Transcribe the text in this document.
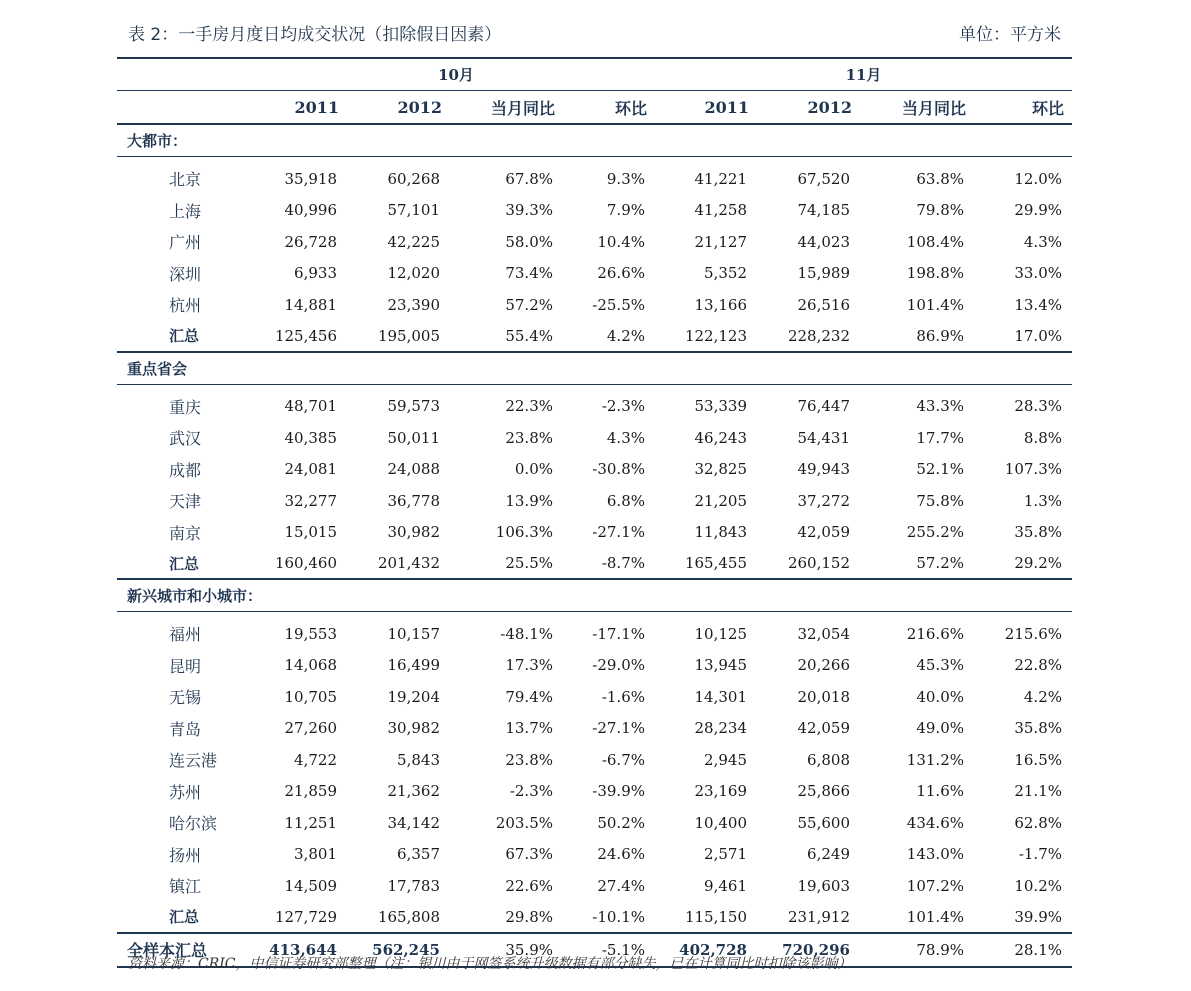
表 2：一手房月度日均成交状况（扣除假日因素）	单位：平方米
	10月				11月			
	2011	2012	当月同比	环比	2011	2012	当月同比	环比
大都市：								
北京	35,918	60,268	67.8%	9.3%	41,221	67,520	63.8%	12.0%
上海	40,996	57,101	39.3%	7.9%	41,258	74,185	79.8%	29.9%
广州	26,728	42,225	58.0%	10.4%	21,127	44,023	108.4%	4.3%
深圳	6,933	12,020	73.4%	26.6%	5,352	15,989	198.8%	33.0%
杭州	14,881	23,390	57.2%	-25.5%	13,166	26,516	101.4%	13.4%
汇总	125,456	195,005	55.4%	4.2%	122,123	228,232	86.9%	17.0%
重点省会								
重庆	48,701	59,573	22.3%	-2.3%	53,339	76,447	43.3%	28.3%
武汉	40,385	50,011	23.8%	4.3%	46,243	54,431	17.7%	8.8%
成都	24,081	24,088	0.0%	-30.8%	32,825	49,943	52.1%	107.3%
天津	32,277	36,778	13.9%	6.8%	21,205	37,272	75.8%	1.3%
南京	15,015	30,982	106.3%	-27.1%	11,843	42,059	255.2%	35.8%
汇总	160,460	201,432	25.5%	-8.7%	165,455	260,152	57.2%	29.2%
新兴城市和小城市：								
福州	19,553	10,157	-48.1%	-17.1%	10,125	32,054	216.6%	215.6%
昆明	14,068	16,499	17.3%	-29.0%	13,945	20,266	45.3%	22.8%
无锡	10,705	19,204	79.4%	-1.6%	14,301	20,018	40.0%	4.2%
青岛	27,260	30,982	13.7%	-27.1%	28,234	42,059	49.0%	35.8%
连云港	4,722	5,843	23.8%	-6.7%	2,945	6,808	131.2%	16.5%
苏州	21,859	21,362	-2.3%	-39.9%	23,169	25,866	11.6%	21.1%
哈尔滨	11,251	34,142	203.5%	50.2%	10,400	55,600	434.6%	62.8%
扬州	3,801	6,357	67.3%	24.6%	2,571	6,249	143.0%	-1.7%
镇江	14,509	17,783	22.6%	27.4%	9,461	19,603	107.2%	10.2%
汇总	127,729	165,808	29.8%	-10.1%	115,150	231,912	101.4%	39.9%
全样本汇总	413,644	562,245	35.9%	-5.1%	402,728	720,296	78.9%	28.1%
资料来源：CRIC，中信证券研究部整理（注：银川由于网签系统升级数据有部分缺失，已在计算同比时扣除该影响）
